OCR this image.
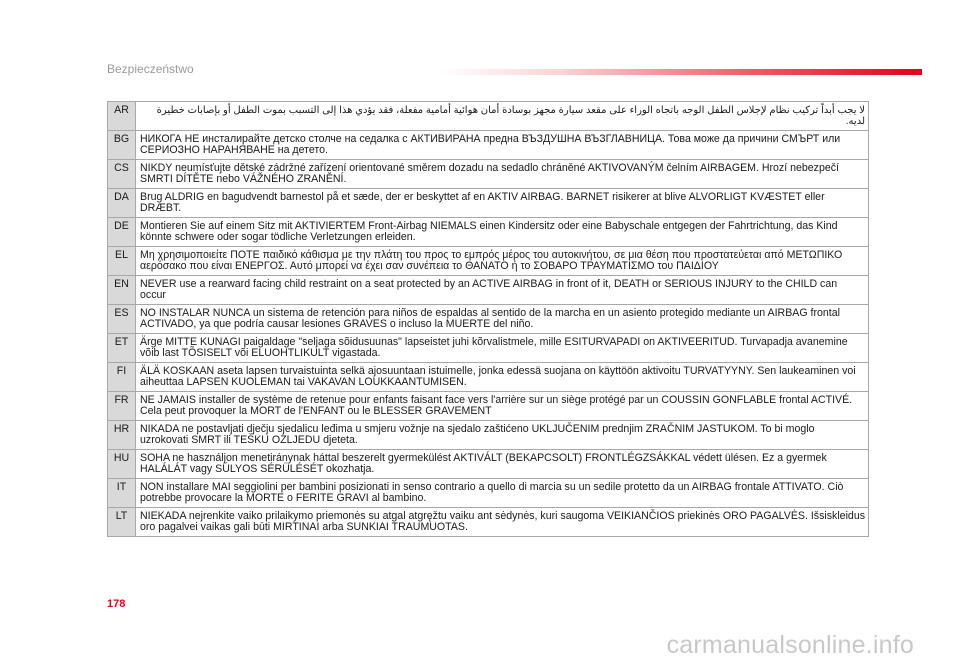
Bezpieczeństwo
AR	لا يجب أبداً تركيب نظام لإجلاس الطفل الوجه باتجاه الوراء على مقعد سيارة مجهز بوسادة أمان هوائية أمامية مفعلة، فقد يؤدي هذا إلى التسبب بموت الطفل أو بإصابات خطيرة لديه.
BG	НИКОГА НЕ инсталирайте детско столче на седалка с АКТИВИРАНА предна ВЪЗДУШНА ВЪЗГЛАВНИЦА. Това може да причини СМЪРТ или СЕРИОЗНО НАРАНЯВАНЕ на детето.
CS	NIKDY neumísťujte dětské zádržné zařízení orientované směrem dozadu na sedadlo chráněné AKTIVOVANÝM čelním AIRBAGEM. Hrozí nebezpečí SMRTI DÍTĚTE nebo VÁŽNÉHO ZRANĚNÍ.
DA	Brug ALDRIG en bagudvendt barnestol på et sæde, der er beskyttet af en AKTIV AIRBAG. BARNET risikerer at blive ALVORLIGT KVÆSTET eller DRÆBT.
DE	Montieren Sie auf einem Sitz mit AKTIVIERTEM Front-Airbag NIEMALS einen Kindersitz oder eine Babyschale entgegen der Fahrtrichtung, das Kind könnte schwere oder sogar tödliche Verletzungen erleiden.
EL	Μη χρησιμοποιείτε ΠΟΤΕ παιδικό κάθισμα με την πλάτη του προς το εμπρός μέρος του αυτοκινήτου, σε μια θέση που προστατεύεται από ΜΕΤΩΠΙΚΟ αερόσακο που είναι ΕΝΕΡΓΟΣ. Αυτό μπορεί να έχει σαν συνέπεια το ΘΑΝΑΤΟ ή το ΣΟΒΑΡΟ ΤΡΑΥΜΑΤΙΣΜΟ του ΠΑΙΔΙΟΥ
EN	NEVER use a rearward facing child restraint on a seat protected by an ACTIVE AIRBAG in front of it, DEATH or SERIOUS INJURY to the CHILD can occur
ES	NO INSTALAR NUNCA un sistema de retención para niños de espaldas al sentido de la marcha en un asiento protegido mediante un AIRBAG frontal ACTIVADO, ya que podría causar lesiones GRAVES o incluso la MUERTE del niño.
ET	Ärge MITTE KUNAGI paigaldage "seljaga sõidusuunas" lapseistet juhi kõrvalistmele, mille ESITURVAPADI on AKTIVEERITUD. Turvapadja avanemine võib last TÕSISELT või ELUOHTLIKULT vigastada.
FI	ÄLÄ KOSKAAN aseta lapsen turvaistuinta selkä ajosuuntaan istuimelle, jonka edessä suojana on käyttöön aktivoitu TURVATYYNY. Sen laukeaminen voi aiheuttaa LAPSEN KUOLEMAN tai VAKAVAN LOUKKAANTUMISEN.
FR	NE JAMAIS installer de système de retenue pour enfants faisant face vers l'arrière sur un siège protégé par un COUSSIN GONFLABLE frontal ACTIVÉ.
Cela peut provoquer la MORT de l'ENFANT ou le BLESSER GRAVEMENT
HR	NIKADA ne postavljati dječju sjedalicu leđima u smjeru vožnje na sjedalo zaštićeno UKLJUČENIM prednjim ZRAČNIM JASTUKOM. To bi moglo uzrokovati SMRT ili TEŠKU OZLJEDU djeteta.
HU	SOHA ne használjon menetiránynak háttal beszerelt gyermekülést AKTIVÁLT (BEKAPCSOLT) FRONTLÉGZSÁKKAL védett ülésen. Ez a gyermek HALÁLÁT vagy SÚLYOS SÉRÜLÉSÉT okozhatja.
IT	NON installare MAI seggiolini per bambini posizionati in senso contrario a quello di marcia su un sedile protetto da un AIRBAG frontale ATTIVATO. Ciò potrebbe provocare la MORTE o FERITE GRAVI al bambino.
LT	NIEKADA nejrenkite vaiko prilaikymo priemonės su atgal atgręžtu vaiku ant sėdynės, kuri saugoma VEIKIANČIOS priekinės ORO PAGALVĖS. Išsiskleidus oro pagalvei vaikas gali būti MIRTINAI arba SUNKIAI TRAUMUOTAS.
178
carmanualsonline.info
